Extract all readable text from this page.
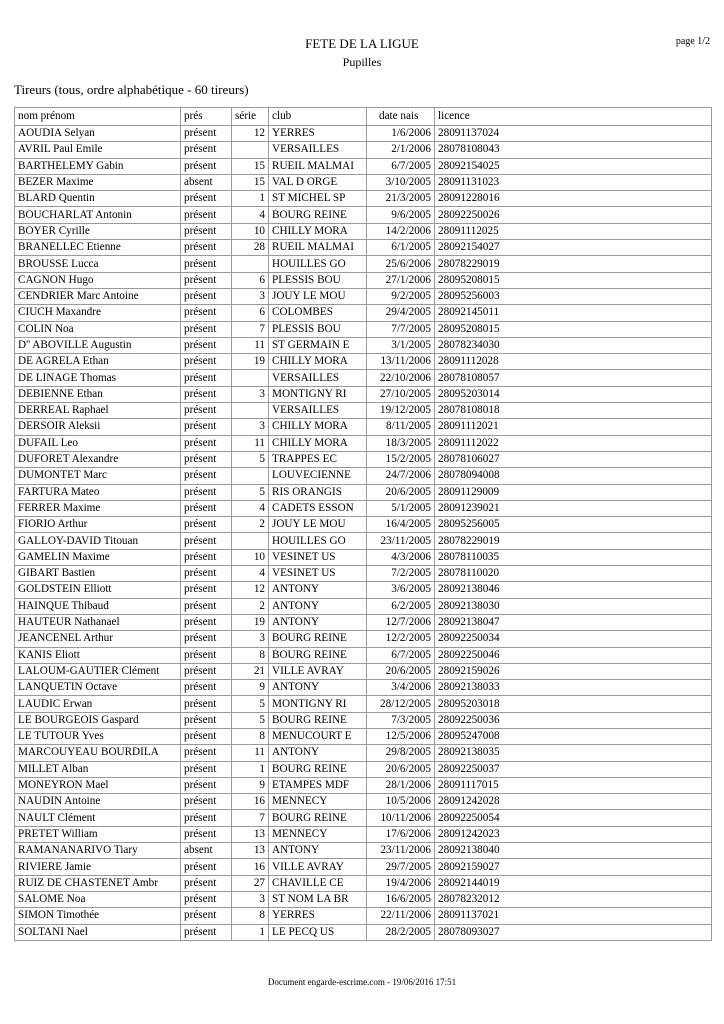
FETE DE LA LIGUE
Pupilles
page 1/2
Tireurs (tous, ordre alphabétique - 60 tireurs)
nom prénom	prés	série	club	date nais	licence
AOUDIA Selyan	présent	12	YERRES	1/6/2006	28091137024
AVRIL Paul Emile	présent		VERSAILLES	2/1/2006	28078108043
BARTHELEMY Gabin	présent	15	RUEIL MALMAI	6/7/2005	28092154025
BEZER Maxime	absent	15	VAL D ORGE	3/10/2005	28091131023
BLARD Quentin	présent	1	ST MICHEL SP	21/3/2005	28091228016
BOUCHARLAT Antonin	présent	4	BOURG REINE	9/6/2005	28092250026
BOYER Cyrille	présent	10	CHILLY MORA	14/2/2006	28091112025
BRANELLEC Etienne	présent	28	RUEIL MALMAI	6/1/2005	28092154027
BROUSSE Lucca	présent		HOUILLES GO	25/6/2006	28078229019
CAGNON Hugo	présent	6	PLESSIS BOU	27/1/2006	28095208015
CENDRIER Marc Antoine	présent	3	JOUY LE MOU	9/2/2005	28095256003
CIUCH Maxandre	présent	6	COLOMBES	29/4/2005	28092145011
COLIN Noa	présent	7	PLESSIS BOU	7/7/2005	28095208015
D'' ABOVILLE Augustin	présent	11	ST GERMAIN E	3/1/2005	28078234030
DE AGRELA Ethan	présent	19	CHILLY MORA	13/11/2006	28091112028
DE LINAGE Thomas	présent		VERSAILLES	22/10/2006	28078108057
DEBIENNE Ethan	présent	3	MONTIGNY RI	27/10/2005	28095203014
DERREAL Raphael	présent		VERSAILLES	19/12/2005	28078108018
DERSOIR Aleksii	présent	3	CHILLY MORA	8/11/2005	28091112021
DUFAIL Leo	présent	11	CHILLY MORA	18/3/2005	28091112022
DUFORET Alexandre	présent	5	TRAPPES EC	15/2/2005	28078106027
DUMONTET Marc	présent		LOUVECIENNE	24/7/2006	28078094008
FARTURA Mateo	présent	5	RIS ORANGIS	20/6/2005	28091129009
FERRER Maxime	présent	4	CADETS ESSON	5/1/2005	28091239021
FIORIO Arthur	présent	2	JOUY LE MOU	16/4/2005	28095256005
GALLOY-DAVID Titouan	présent		HOUILLES GO	23/11/2005	28078229019
GAMELIN Maxime	présent	10	VESINET US	4/3/2006	28078110035
GIBART Bastien	présent	4	VESINET US	7/2/2005	28078110020
GOLDSTEIN Elliott	présent	12	ANTONY	3/6/2005	28092138046
HAINQUE Thibaud	présent	2	ANTONY	6/2/2005	28092138030
HAUTEUR Nathanael	présent	19	ANTONY	12/7/2006	28092138047
JEANCENEL Arthur	présent	3	BOURG REINE	12/2/2005	28092250034
KANIS Eliott	présent	8	BOURG REINE	6/7/2005	28092250046
LALOUM-GAUTIER Clément	présent	21	VILLE AVRAY	20/6/2005	28092159026
LANQUETIN Octave	présent	9	ANTONY	3/4/2006	28092138033
LAUDIC Erwan	présent	5	MONTIGNY RI	28/12/2005	28095203018
LE BOURGEOIS Gaspard	présent	5	BOURG REINE	7/3/2005	28092250036
LE TUTOUR Yves	présent	8	MENUCOURT E	12/5/2006	28095247008
MARCOUYEAU BOURDILA	présent	11	ANTONY	29/8/2005	28092138035
MILLET Alban	présent	1	BOURG REINE	20/6/2005	28092250037
MONEYRON Mael	présent	9	ETAMPES MDF	28/1/2006	28091117015
NAUDIN Antoine	présent	16	MENNECY	10/5/2006	28091242028
NAULT Clément	présent	7	BOURG REINE	10/11/2006	28092250054
PRETET William	présent	13	MENNECY	17/6/2006	28091242023
RAMANANARIVO Tiary	absent	13	ANTONY	23/11/2006	28092138040
RIVIERE Jamie	présent	16	VILLE AVRAY	29/7/2005	28092159027
RUIZ DE CHASTENET Ambr	présent	27	CHAVILLE CE	19/4/2006	28092144019
SALOME Noa	présent	3	ST NOM LA BR	16/6/2005	28078232012
SIMON Timothée	présent	8	YERRES	22/11/2006	28091137021
SOLTANI Nael	présent	1	LE PECQ US	28/2/2005	28078093027
Document engarde-escrime.com - 19/06/2016 17:51
